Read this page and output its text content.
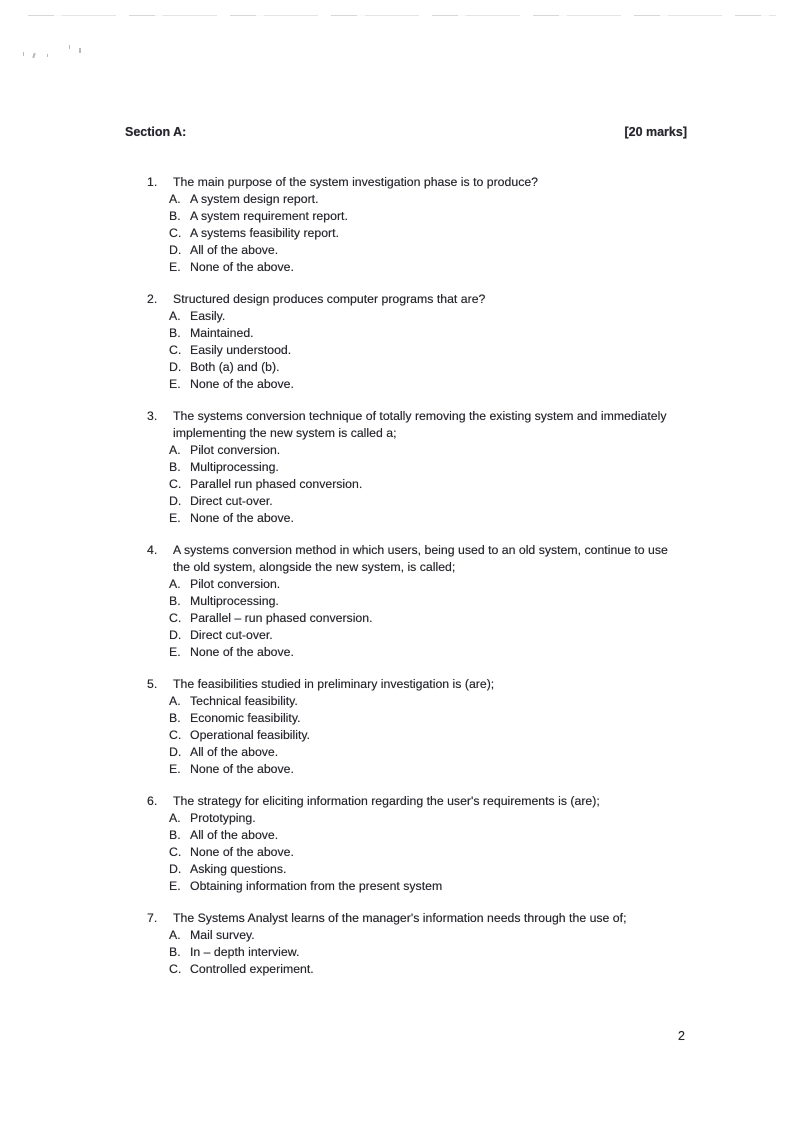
Section A:	[20 marks]
1.	The main purpose of the system investigation phase is to produce?
A. A system design report.
B. A system requirement report.
C. A systems feasibility report.
D. All of the above.
E. None of the above.
2.	Structured design produces computer programs that are?
A. Easily.
B. Maintained.
C. Easily understood.
D. Both (a) and (b).
E. None of the above.
3.	The systems conversion technique of totally removing the existing system and immediately
implementing the new system is called a;
A. Pilot conversion.
B. Multiprocessing.
C. Parallel run phased conversion.
D. Direct cut-over.
E. None of the above.
4.	A systems conversion method in which users, being used to an old system, continue to use
the old system, alongside the new system, is called;
A. Pilot conversion.
B. Multiprocessing.
C. Parallel – run phased conversion.
D. Direct cut-over.
E. None of the above.
5.	The feasibilities studied in preliminary investigation is (are);
A. Technical feasibility.
B. Economic feasibility.
C. Operational feasibility.
D. All of the above.
E. None of the above.
6.	The strategy for eliciting information regarding the user's requirements is (are);
A. Prototyping.
B. All of the above.
C. None of the above.
D. Asking questions.
E. Obtaining information from the present system
7.	The Systems Analyst learns of the manager's information needs through the use of;
A. Mail survey.
B. In – depth interview.
C. Controlled experiment.
2
